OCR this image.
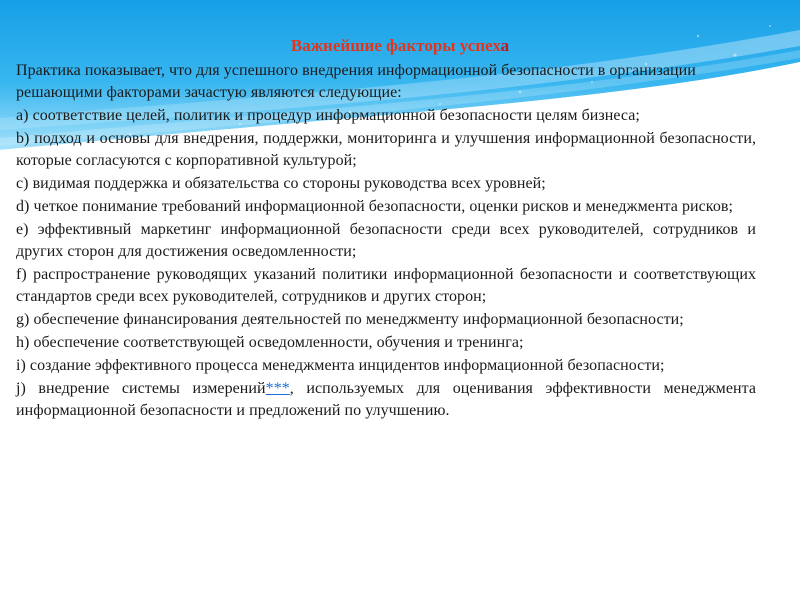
Важнейшие факторы успеха

Практика показывает, что для успешного внедрения информационной безопасности в организации решающими факторами зачастую являются следующие:

a) соответствие целей, политик и процедур информационной безопасности целям бизнеса;

b) подход и основы для внедрения, поддержки, мониторинга и улучшения информационной безопасности, которые согласуются с корпоративной культурой;

c) видимая поддержка и обязательства со стороны руководства всех уровней;

d) четкое понимание требований информационной безопасности, оценки рисков и менеджмента рисков;

e) эффективный маркетинг информационной безопасности среди всех руководителей, сотрудников и других сторон для достижения осведомленности;

f) распространение руководящих указаний политики информационной безопасности и соответствующих стандартов среди всех руководителей, сотрудников и других сторон;

g) обеспечение финансирования деятельностей по менеджменту информационной безопасности;

h) обеспечение соответствующей осведомленности, обучения и тренинга;

i) создание эффективного процесса менеджмента инцидентов информационной безопасности;

j) внедрение системы измерений***, используемых для оценивания эффективности менеджмента информационной безопасности и предложений по улучшению.
